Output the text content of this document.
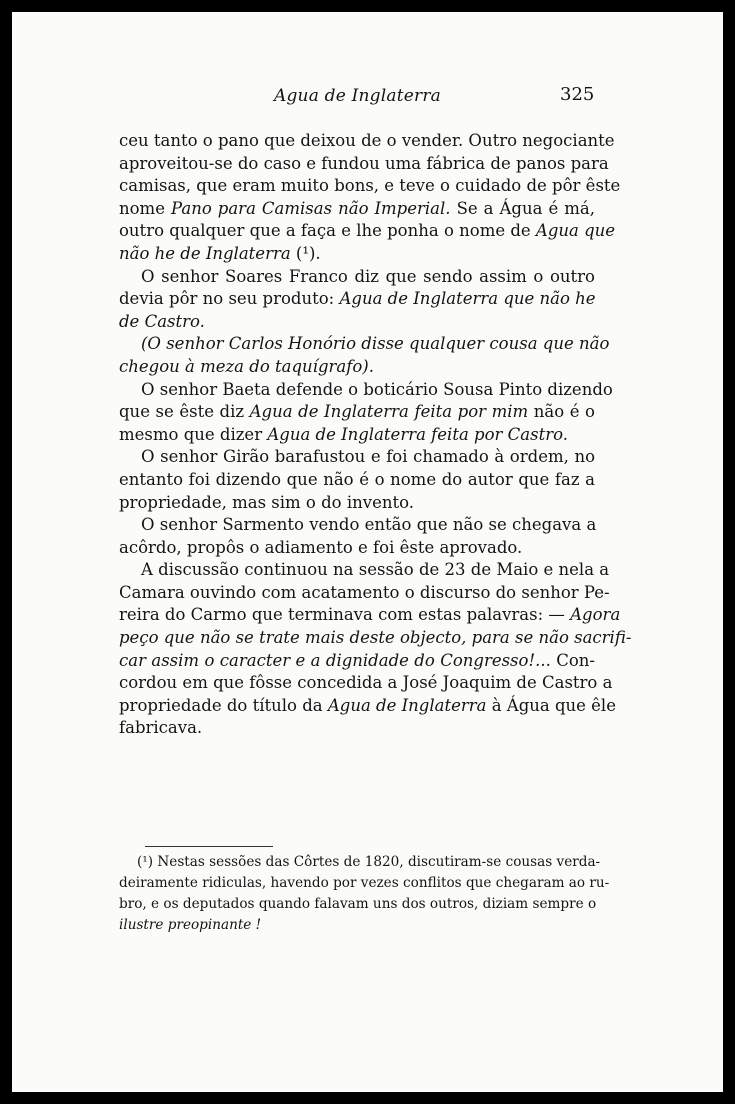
Agua de Inglaterra	325
ceu tanto o pano que deixou de o vender. Outro negociante
aproveitou-se do caso e fundou uma fábrica de panos para
camisas, que eram muito bons, e teve o cuidado de pôr êste
nome Pano para Camisas não Imperial. Se a Água é má,
outro qualquer que a faça e lhe ponha o nome de Agua que
não he de Inglaterra (¹).
O senhor Soares Franco diz que sendo assim o outro
devia pôr no seu produto: Agua de Inglaterra que não he
de Castro.
(O senhor Carlos Honório disse qualquer cousa que não
chegou à meza do taquígrafo).
O senhor Baeta defende o boticário Sousa Pinto dizendo
que se êste diz Agua de Inglaterra feita por mim não é o
mesmo que dizer Agua de Inglaterra feita por Castro.
O senhor Girão barafustou e foi chamado à ordem, no
entanto foi dizendo que não é o nome do autor que faz a
propriedade, mas sim o do invento.
O senhor Sarmento vendo então que não se chegava a
acôrdo, propôs o adiamento e foi êste aprovado.
A discussão continuou na sessão de 23 de Maio e nela a
Camara ouvindo com acatamento o discurso do senhor Pe-
reira do Carmo que terminava com estas palavras: — Agora
peço que não se trate mais deste objecto, para se não sacrifi-
car assim o caracter e a dignidade do Congresso!... Con-
cordou em que fôsse concedida a José Joaquim de Castro a
propriedade do título da Agua de Inglaterra à Água que êle
fabricava.
(¹) Nestas sessões das Côrtes de 1820, discutiram-se cousas verda-
deiramente ridiculas, havendo por vezes conflitos que chegaram ao ru-
bro, e os deputados quando falavam uns dos outros, diziam sempre o
ilustre preopinante !
